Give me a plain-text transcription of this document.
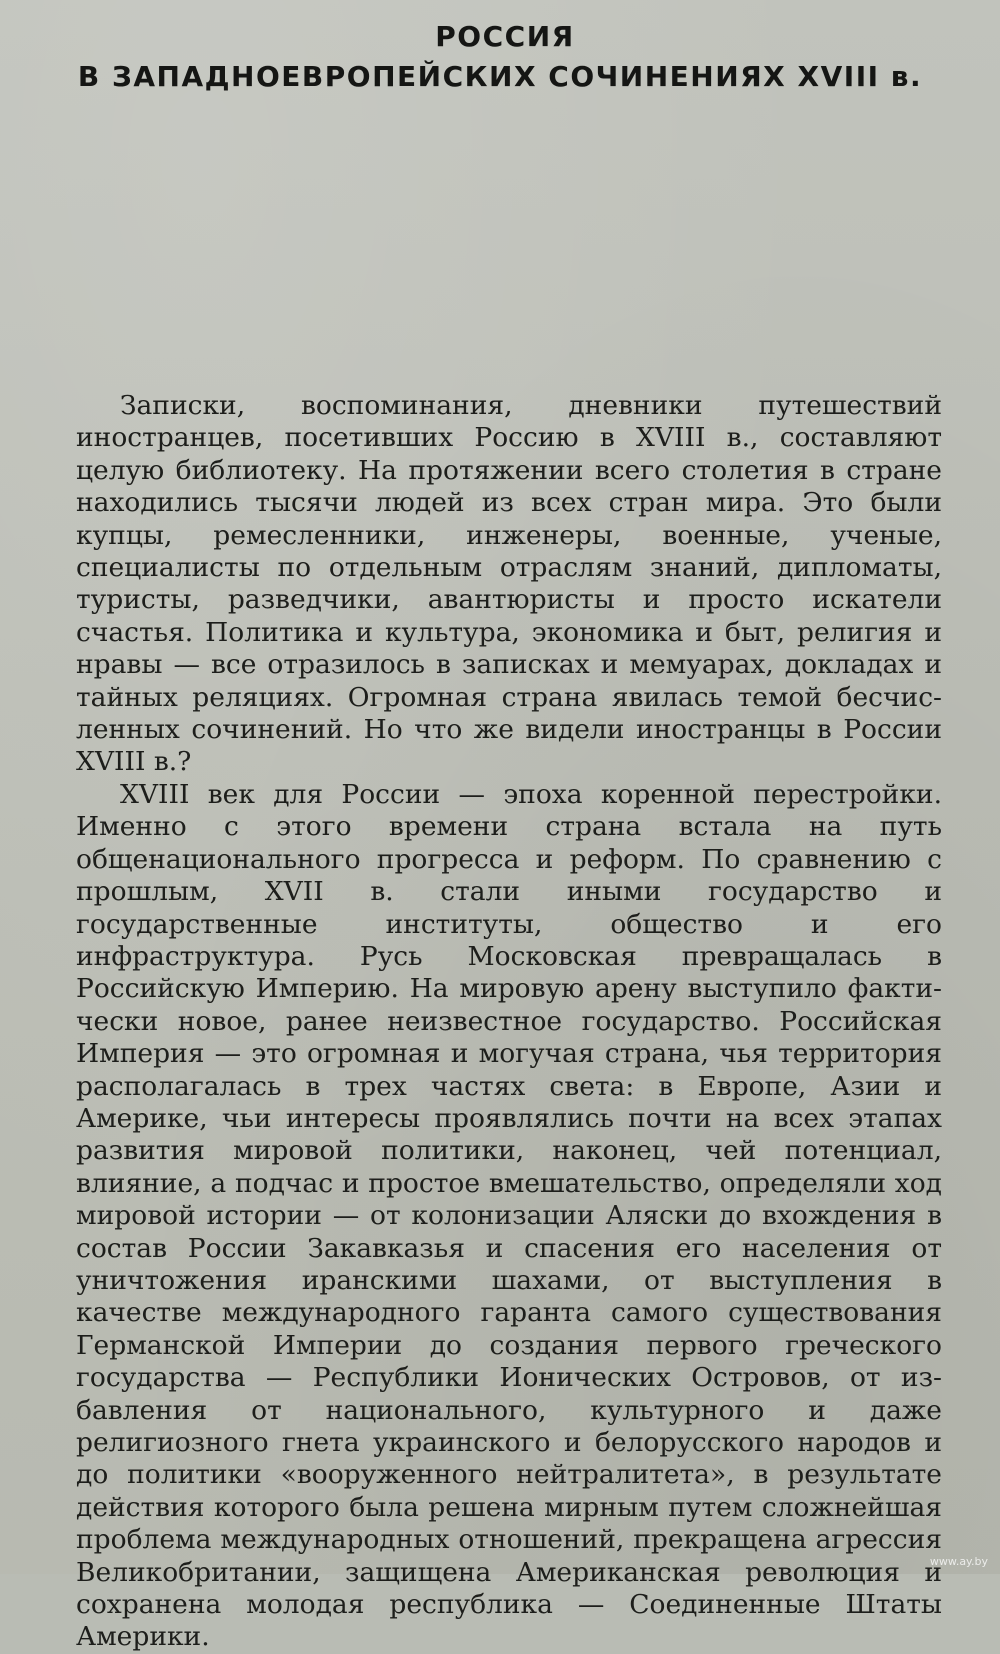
РОССИЯ
В ЗАПАДНОЕВРОПЕЙСКИХ СОЧИНЕНИЯХ XVIII в.

Записки, воспоминания, дневники путешествий иностранцев, посетивших Россию в XVIII в., составляют целую библиотеку. На протяжении всего столетия в стране находились тысячи людей из всех стран мира. Это были купцы, ремесленники, инженеры, военные, ученые, специалисты по отдельным отраслям знаний, дипломаты, туристы, разведчики, авантюристы и просто искатели счастья. Политика и культура, экономика и быт, религия и нравы — все отразилось в записках и мемуарах, докладах и тайных реляциях. Огромная страна явилась темой бесчисленных сочинений. Но что же видели иностранцы в России XVIII в.?

XVIII век для России — эпоха коренной перестройки. Именно с этого времени страна встала на путь общенационального прогресса и реформ. По сравнению с прошлым, XVII в. стали иными государство и государственные институты, общество и его инфраструктура. Русь Московская превращалась в Российскую Империю. На мировую арену выступило фактически новое, ранее неизвестное государство. Российская Империя — это огромная и могучая страна, чья территория располагалась в трех частях света: в Европе, Азии и Америке, чьи интересы проявлялись почти на всех этапах развития мировой политики, наконец, чей потенциал, влияние, а подчас и простое вмешательство, определяли ход мировой истории — от колонизации Аляски до вхождения в состав России Закавказья и спасения его населения от уничтожения иранскими шахами, от выступления в качестве международного гаранта самого существования Германской Империи до создания первого греческого государства — Республики Ионических Островов, от избавления от национального, культурного и даже религиозного гнета украинского и белорусского народов и до политики «вооруженного нейтралитета», в результате действия которого была решена мирным путем сложнейшая проблема международных отношений, прекращена агрессия Великобритании, защищена Американская революция и сохранена молодая республика — Соединенные Штаты Америки.

www.ay.by
